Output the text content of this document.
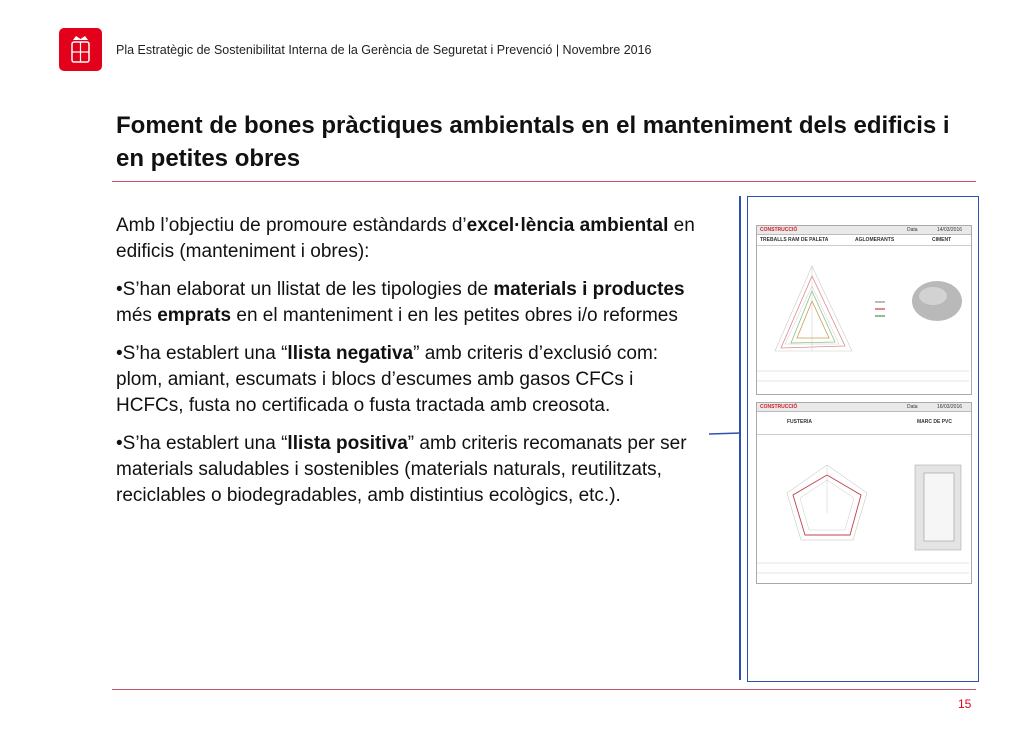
Pla Estratègic de Sostenibilitat Interna de la Gerència de Seguretat i Prevenció | Novembre 2016
Foment de bones pràctiques ambientals en el manteniment dels edificis i en petites obres

Amb l’objectiu de promoure estàndards d’excel·lència ambiental en edificis (manteniment i obres):

•S’han elaborat un llistat de les tipologies de materials i productes més emprats en el manteniment i en les petites obres i/o reformes

•S’ha establert una “llista negativa” amb criteris d’exclusió com: plom, amiant, escumats i blocs d’escumes amb gasos CFCs i HCFCs, fusta no certificada o fusta tractada amb creosota.

•S’ha establert una “llista positiva” amb criteris recomanats per ser materials saludables i sostenibles (materials naturals, reutilitzats, reciclables o biodegradables, amb distintius ecològics, etc.).

CONSTRUCCIÓ	Data	14/03/2016
TREBALLS RAM DE PALETA	AGLOMERANTS	CIMENT
CONSTRUCCIÓ	Data	16/03/2016
FUSTERIA	MARC DE PVC
15
